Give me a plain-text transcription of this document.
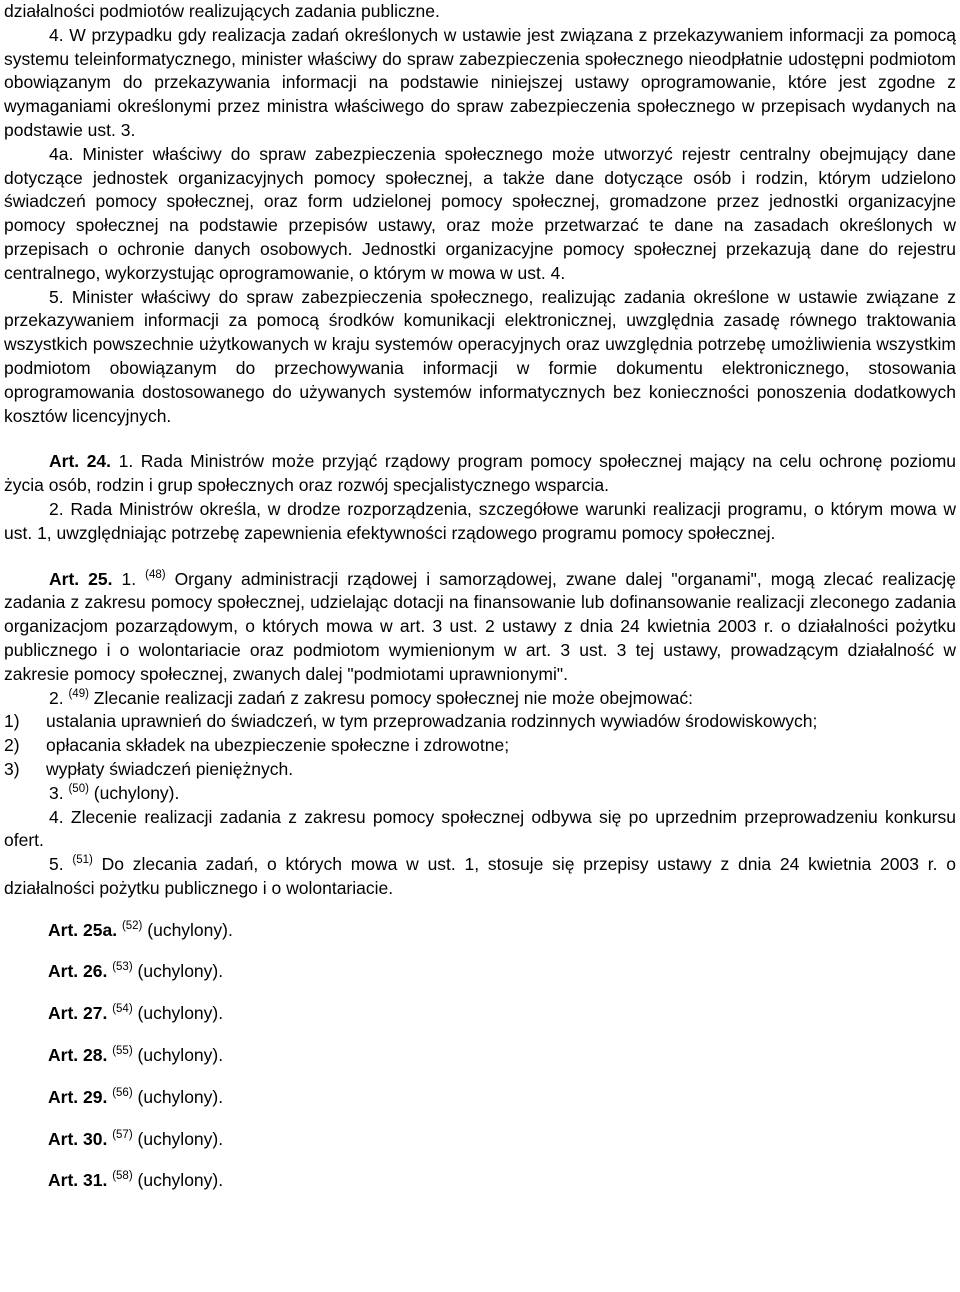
działalności podmiotów realizujących zadania publiczne.

4. W przypadku gdy realizacja zadań określonych w ustawie jest związana z przekazywaniem informacji za pomocą systemu teleinformatycznego, minister właściwy do spraw zabezpieczenia społecznego nieodpłatnie udostępni podmiotom obowiązanym do przekazywania informacji na podstawie niniejszej ustawy oprogramowanie, które jest zgodne z wymaganiami określonymi przez ministra właściwego do spraw zabezpieczenia społecznego w przepisach wydanych na podstawie ust. 3.

4a. Minister właściwy do spraw zabezpieczenia społecznego może utworzyć rejestr centralny obejmujący dane dotyczące jednostek organizacyjnych pomocy społecznej, a także dane dotyczące osób i rodzin, którym udzielono świadczeń pomocy społecznej, oraz form udzielonej pomocy społecznej, gromadzone przez jednostki organizacyjne pomocy społecznej na podstawie przepisów ustawy, oraz może przetwarzać te dane na zasadach określonych w przepisach o ochronie danych osobowych. Jednostki organizacyjne pomocy społecznej przekazują dane do rejestru centralnego, wykorzystując oprogramowanie, o którym w mowa w ust. 4.

5. Minister właściwy do spraw zabezpieczenia społecznego, realizując zadania określone w ustawie związane z przekazywaniem informacji za pomocą środków komunikacji elektronicznej, uwzględnia zasadę równego traktowania wszystkich powszechnie użytkowanych w kraju systemów operacyjnych oraz uwzględnia potrzebę umożliwienia wszystkim podmiotom obowiązanym do przechowywania informacji w formie dokumentu elektronicznego, stosowania oprogramowania dostosowanego do używanych systemów informatycznych bez konieczności ponoszenia dodatkowych kosztów licencyjnych.

Art. 24. 1. Rada Ministrów może przyjąć rządowy program pomocy społecznej mający na celu ochronę poziomu życia osób, rodzin i grup społecznych oraz rozwój specjalistycznego wsparcia.

2. Rada Ministrów określa, w drodze rozporządzenia, szczegółowe warunki realizacji programu, o którym mowa w ust. 1, uwzględniając potrzebę zapewnienia efektywności rządowego programu pomocy społecznej.

Art. 25. 1. $^{(48)}$ Organy administracji rządowej i samorządowej, zwane dalej "organami", mogą zlecać realizację zadania z zakresu pomocy społecznej, udzielając dotacji na finansowanie lub dofinansowanie realizacji zleconego zadania organizacjom pozarządowym, o których mowa w art. 3 ust. 2 ustawy z dnia 24 kwietnia 2003 r. o działalności pożytku publicznego i o wolontariacie oraz podmiotom wymienionym w art. 3 ust. 3 tej ustawy, prowadzącym działalność w zakresie pomocy społecznej, zwanych dalej "podmiotami uprawnionymi".

2. $^{(49)}$ Zlecanie realizacji zadań z zakresu pomocy społecznej nie może obejmować:

1)	ustalania uprawnień do świadczeń, w tym przeprowadzania rodzinnych wywiadów środowiskowych;
2)	opłacania składek na ubezpieczenie społeczne i zdrowotne;
3)	wypłaty świadczeń pieniężnych.

3. $^{(50)}$ (uchylony).

4. Zlecenie realizacji zadania z zakresu pomocy społecznej odbywa się po uprzednim przeprowadzeniu konkursu ofert.

5. $^{(51)}$ Do zlecania zadań, o których mowa w ust. 1, stosuje się przepisy ustawy z dnia 24 kwietnia 2003 r. o działalności pożytku publicznego i o wolontariacie.

Art. 25a. $^{(52)}$ (uchylony).

Art. 26. $^{(53)}$ (uchylony).

Art. 27. $^{(54)}$ (uchylony).

Art. 28. $^{(55)}$ (uchylony).

Art. 29. $^{(56)}$ (uchylony).

Art. 30. $^{(57)}$ (uchylony).

Art. 31. $^{(58)}$ (uchylony).
